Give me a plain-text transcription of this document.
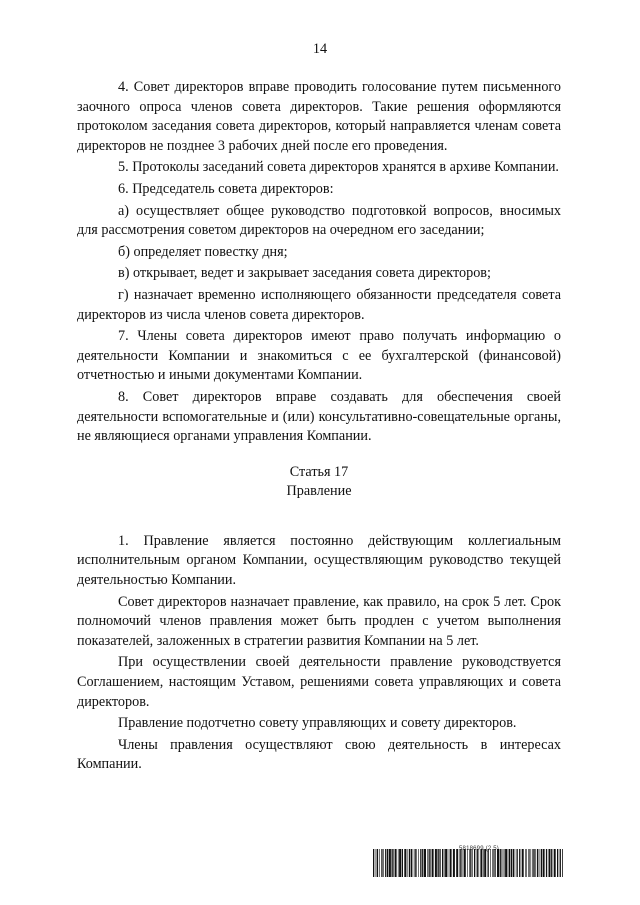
14

4. Совет директоров вправе проводить голосование путем письменного заочного опроса членов совета директоров. Такие решения оформляются протоколом заседания совета директоров, который направляется членам совета директоров не позднее 3 рабочих дней после его проведения.

5. Протоколы заседаний совета директоров хранятся в архиве Компании.

6. Председатель совета директоров:

а) осуществляет общее руководство подготовкой вопросов, вносимых для рассмотрения советом директоров на очередном его заседании;

б) определяет повестку дня;

в) открывает, ведет и закрывает заседания совета директоров;

г) назначает временно исполняющего обязанности председателя совета директоров из числа членов совета директоров.

7. Члены совета директоров имеют право получать информацию о деятельности Компании и знакомиться с ее бухгалтерской (финансовой) отчетностью и иными документами Компании.

8. Совет директоров вправе создавать для обеспечения своей деятельности вспомогательные и (или) консультативно-совещательные органы, не являющиеся органами управления Компании.

Статья 17

Правление

1. Правление является постоянно действующим коллегиальным исполнительным органом Компании, осуществляющим руководство текущей деятельностью Компании.

Совет директоров назначает правление, как правило, на срок 5 лет. Срок полномочий членов правления может быть продлен с учетом выполнения показателей, заложенных в стратегии развития Компании на 5 лет.

При осуществлении своей деятельности правление руководствуется Соглашением, настоящим Уставом, решениями совета управляющих и совета директоров.

Правление подотчетно совету управляющих и совету директоров.

Члены правления осуществляют свою деятельность в интересах Компании.

(2.5)
